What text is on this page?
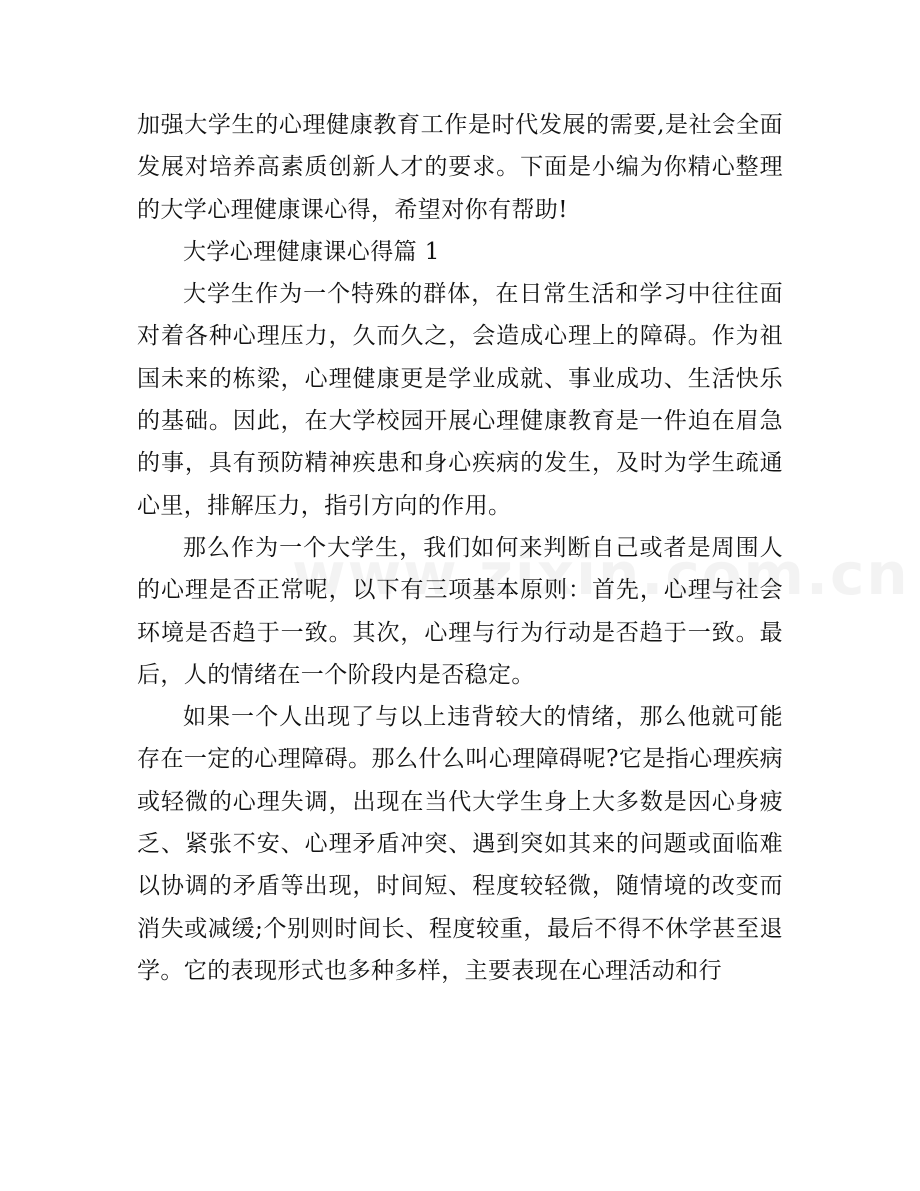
加强大学生的心理健康教育工作是时代发展的需要,是社会全面发展对培养高素质创新人才的要求。下面是小编为你精心整理的大学心理健康课心得，希望对你有帮助!

大学心理健康课心得篇 1

大学生作为一个特殊的群体，在日常生活和学习中往往面对着各种心理压力，久而久之，会造成心理上的障碍。作为祖国未来的栋梁，心理健康更是学业成就、事业成功、生活快乐的基础。因此，在大学校园开展心理健康教育是一件迫在眉急的事，具有预防精神疾患和身心疾病的发生，及时为学生疏通心里，排解压力，指引方向的作用。

那么作为一个大学生，我们如何来判断自己或者是周围人的心理是否正常呢，以下有三项基本原则：首先，心理与社会环境是否趋于一致。其次，心理与行为行动是否趋于一致。最后，人的情绪在一个阶段内是否稳定。

如果一个人出现了与以上违背较大的情绪，那么他就可能存在一定的心理障碍。那么什么叫心理障碍呢?它是指心理疾病或轻微的心理失调，出现在当代大学生身上大多数是因心身疲乏、紧张不安、心理矛盾冲突、遇到突如其来的问题或面临难以协调的矛盾等出现，时间短、程度较轻微，随情境的改变而消失或减缓;个别则时间长、程度较重，最后不得不休学甚至退学。它的表现形式也多种多样，主要表现在心理活动和行
